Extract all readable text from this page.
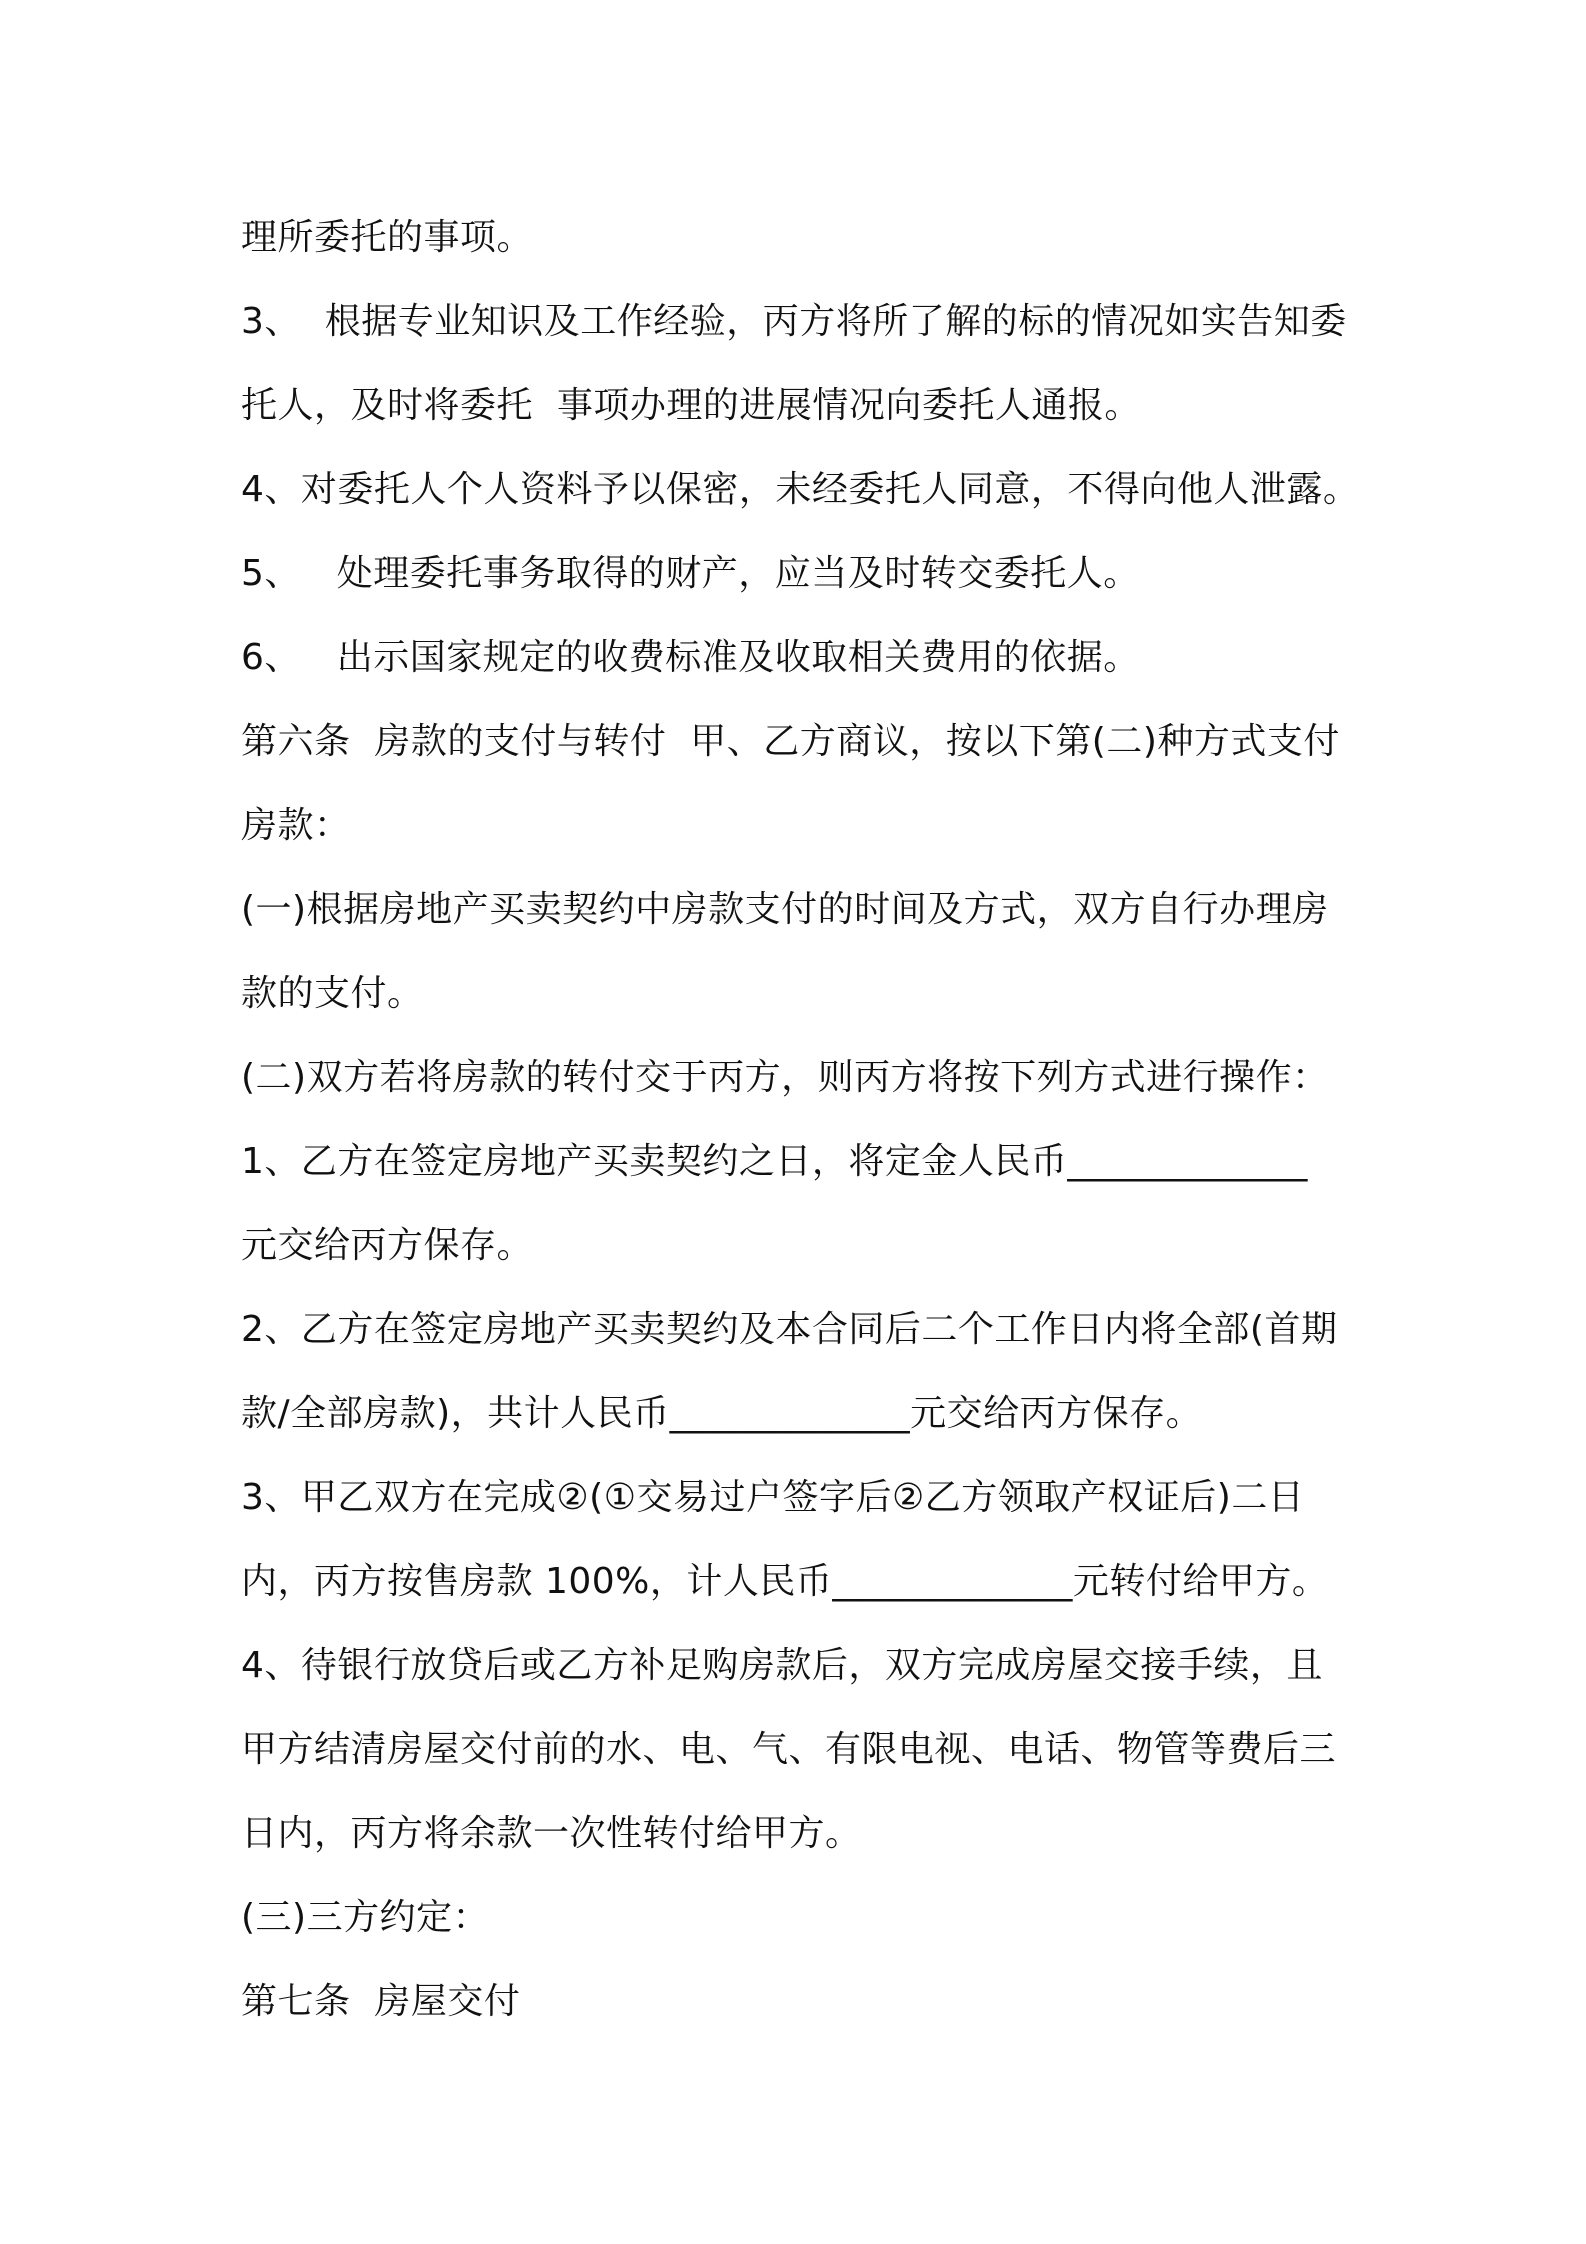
理所委托的事项。

3、  根据专业知识及工作经验，丙方将所了解的标的情况如实告知委

托人，及时将委托  事项办理的进展情况向委托人通报。

4、对委托人个人资料予以保密，未经委托人同意，不得向他人泄露。

5、   处理委托事务取得的财产，应当及时转交委托人。

6、   出示国家规定的收费标准及收取相关费用的依据。

第六条  房款的支付与转付  甲、乙方商议，按以下第(二)种方式支付

房款：

(一)根据房地产买卖契约中房款支付的时间及方式，双方自行办理房

款的支付。

(二)双方若将房款的转付交于丙方，则丙方将按下列方式进行操作：

1、乙方在签定房地产买卖契约之日，将定金人民币_____________

元交给丙方保存。

2、乙方在签定房地产买卖契约及本合同后二个工作日内将全部(首期

款/全部房款)，共计人民币_____________元交给丙方保存。

3、甲乙双方在完成②(①交易过户签字后②乙方领取产权证后)二日

内，丙方按售房款 100%，计人民币_____________元转付给甲方。

4、待银行放贷后或乙方补足购房款后，双方完成房屋交接手续，且

甲方结清房屋交付前的水、电、气、有限电视、电话、物管等费后三

日内，丙方将余款一次性转付给甲方。

(三)三方约定：

第七条  房屋交付
